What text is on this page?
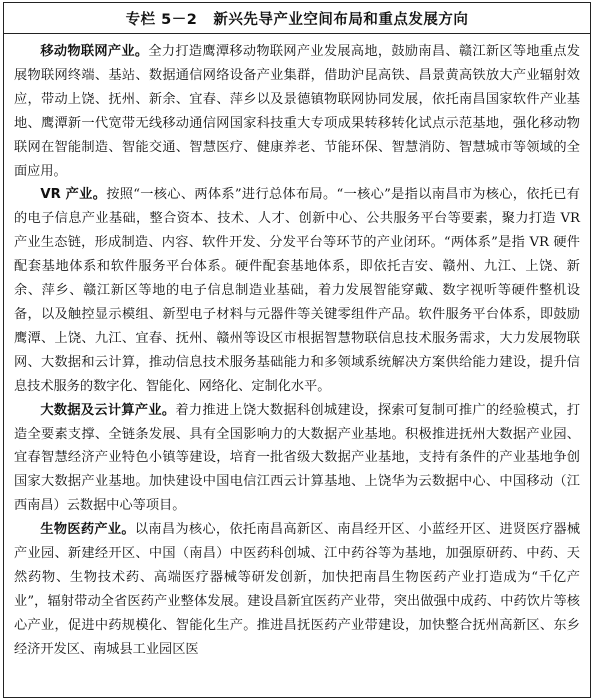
专栏 5－2 新兴先导产业空间布局和重点发展方向

移动物联网产业。全力打造鹰潭移动物联网产业发展高地，鼓励南昌、赣江新区等地重点发展物联网终端、基站、数据通信网络设备产业集群，借助沪昆高铁、昌景黄高铁放大产业辐射效应，带动上饶、抚州、新余、宜春、萍乡以及景德镇物联网协同发展，依托南昌国家软件产业基地、鹰潭新一代宽带无线移动通信网国家科技重大专项成果转移转化试点示范基地，强化移动物联网在智能制造、智能交通、智慧医疗、健康养老、节能环保、智慧消防、智慧城市等领域的全面应用。

VR 产业。按照“一核心、两体系”进行总体布局。“一核心”是指以南昌市为核心，依托已有的电子信息产业基础，整合资本、技术、人才、创新中心、公共服务平台等要素，聚力打造 VR 产业生态链，形成制造、内容、软件开发、分发平台等环节的产业闭环。“两体系”是指 VR 硬件配套基地体系和软件服务平台体系。硬件配套基地体系，即依托吉安、赣州、九江、上饶、新余、萍乡、赣江新区等地的电子信息制造业基础，着力发展智能穿戴、数字视听等硬件整机设备，以及触控显示模组、新型电子材料与元器件等关键零组件产品。软件服务平台体系，即鼓励鹰潭、上饶、九江、宜春、抚州、赣州等设区市根据智慧物联信息技术服务需求，大力发展物联网、大数据和云计算，推动信息技术服务基础能力和多领域系统解决方案供给能力建设，提升信息技术服务的数字化、智能化、网络化、定制化水平。

大数据及云计算产业。着力推进上饶大数据科创城建设，探索可复制可推广的经验模式，打造全要素支撑、全链条发展、具有全国影响力的大数据产业基地。积极推进抚州大数据产业园、宜春智慧经济产业特色小镇等建设，培育一批省级大数据产业基地，支持有条件的产业基地争创国家大数据产业基地。加快建设中国电信江西云计算基地、上饶华为云数据中心、中国移动（江西南昌）云数据中心等项目。

生物医药产业。以南昌为核心，依托南昌高新区、南昌经开区、小蓝经开区、进贤医疗器械产业园、新建经开区、中国（南昌）中医药科创城、江中药谷等为基地，加强原研药、中药、天然药物、生物技术药、高端医疗器械等研发创新，加快把南昌生物医药产业打造成为“千亿产业”，辐射带动全省医药产业整体发展。建设昌新宜医药产业带，突出做强中成药、中药饮片等核心产业，促进中药规模化、智能化生产。推进昌抚医药产业带建设，加快整合抚州高新区、东乡经济开发区、南城县工业园区医
